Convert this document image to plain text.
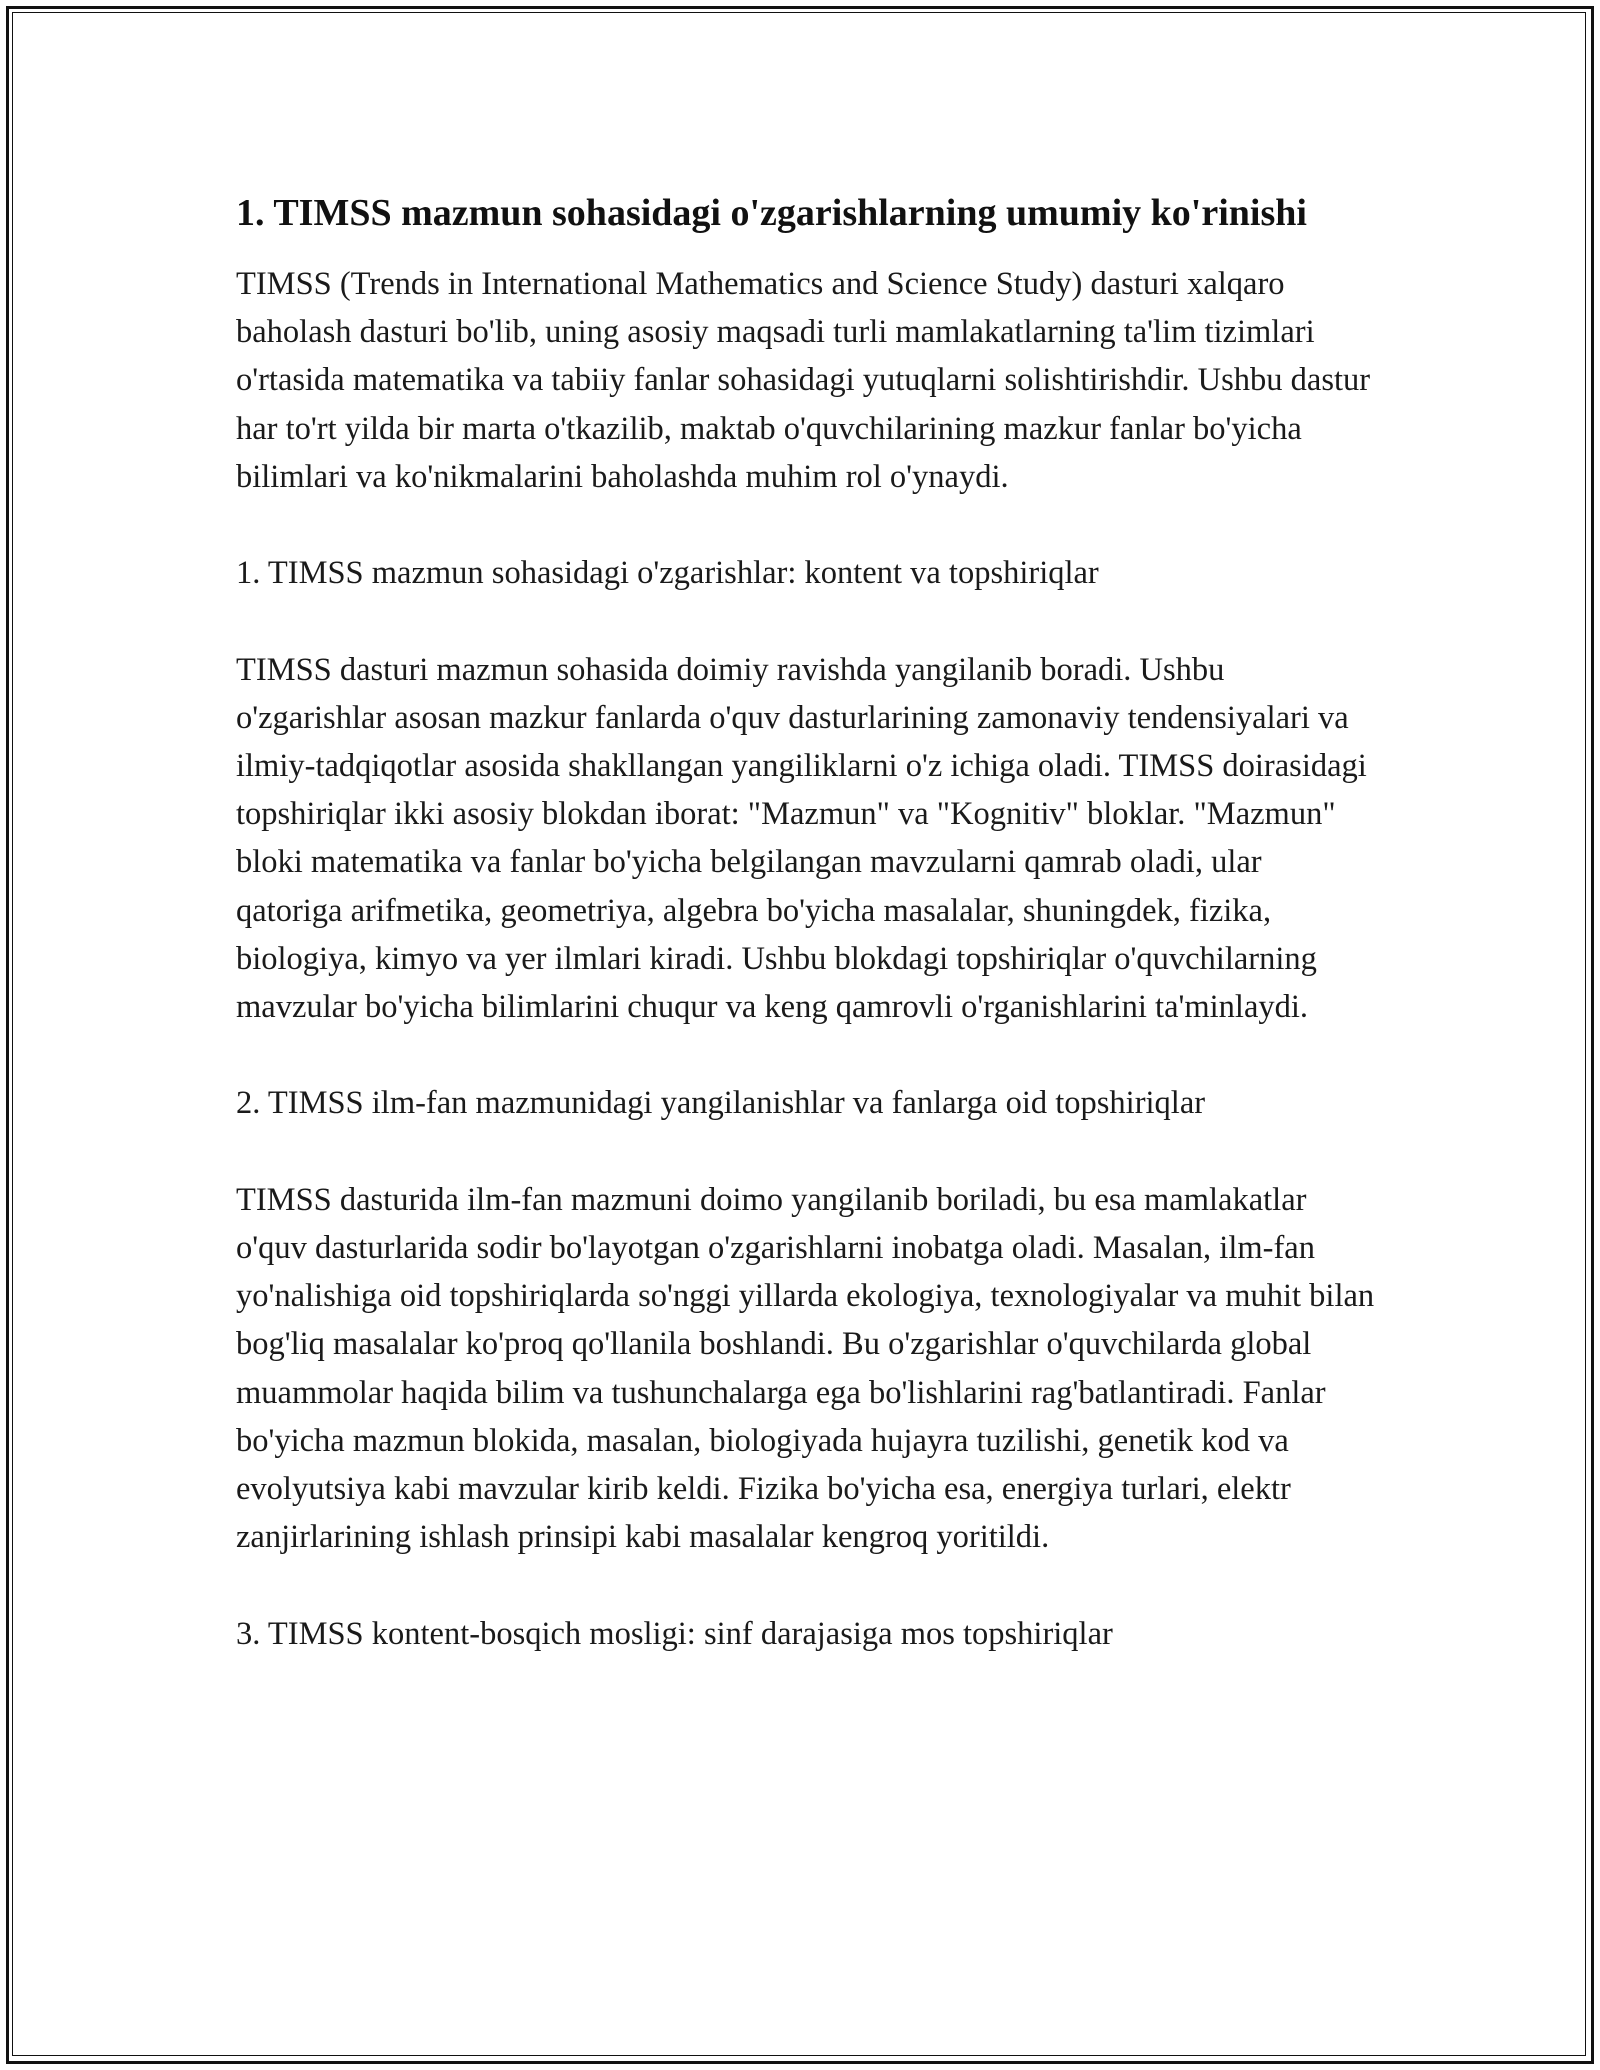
1. TIMSS mazmun sohasidagi o'zgarishlarning umumiy ko'rinishi

TIMSS (Trends in International Mathematics and Science Study) dasturi xalqaro baholash dasturi bo'lib, uning asosiy maqsadi turli mamlakatlarning ta'lim tizimlari o'rtasida matematika va tabiiy fanlar sohasidagi yutuqlarni solishtirishdir. Ushbu dastur har to'rt yilda bir marta o'tkazilib, maktab o'quvchilarining mazkur fanlar bo'yicha bilimlari va ko'nikmalarini baholashda muhim rol o'ynaydi.

1. TIMSS mazmun sohasidagi o'zgarishlar: kontent va topshiriqlar

TIMSS dasturi mazmun sohasida doimiy ravishda yangilanib boradi. Ushbu o'zgarishlar asosan mazkur fanlarda o'quv dasturlarining zamonaviy tendensiyalari va ilmiy-tadqiqotlar asosida shakllangan yangiliklarni o'z ichiga oladi. TIMSS doirasidagi topshiriqlar ikki asosiy blokdan iborat: "Mazmun" va "Kognitiv" bloklar. "Mazmun" bloki matematika va fanlar bo'yicha belgilangan mavzularni qamrab oladi, ular qatoriga arifmetika, geometriya, algebra bo'yicha masalalar, shuningdek, fizika, biologiya, kimyo va yer ilmlari kiradi. Ushbu blokdagi topshiriqlar o'quvchilarning mavzular bo'yicha bilimlarini chuqur va keng qamrovli o'rganishlarini ta'minlaydi.

2. TIMSS ilm-fan mazmunidagi yangilanishlar va fanlarga oid topshiriqlar

TIMSS dasturida ilm-fan mazmuni doimo yangilanib boriladi, bu esa mamlakatlar o'quv dasturlarida sodir bo'layotgan o'zgarishlarni inobatga oladi. Masalan, ilm-fan yo'nalishiga oid topshiriqlarda so'nggi yillarda ekologiya, texnologiyalar va muhit bilan bog'liq masalalar ko'proq qo'llanila boshlandi. Bu o'zgarishlar o'quvchilarda global muammolar haqida bilim va tushunchalarga ega bo'lishlarini rag'batlantiradi. Fanlar bo'yicha mazmun blokida, masalan, biologiyada hujayra tuzilishi, genetik kod va evolyutsiya kabi mavzular kirib keldi. Fizika bo'yicha esa, energiya turlari, elektr zanjirlarining ishlash prinsipi kabi masalalar kengroq yoritildi.

3. TIMSS kontent-bosqich mosligi: sinf darajasiga mos topshiriqlar
